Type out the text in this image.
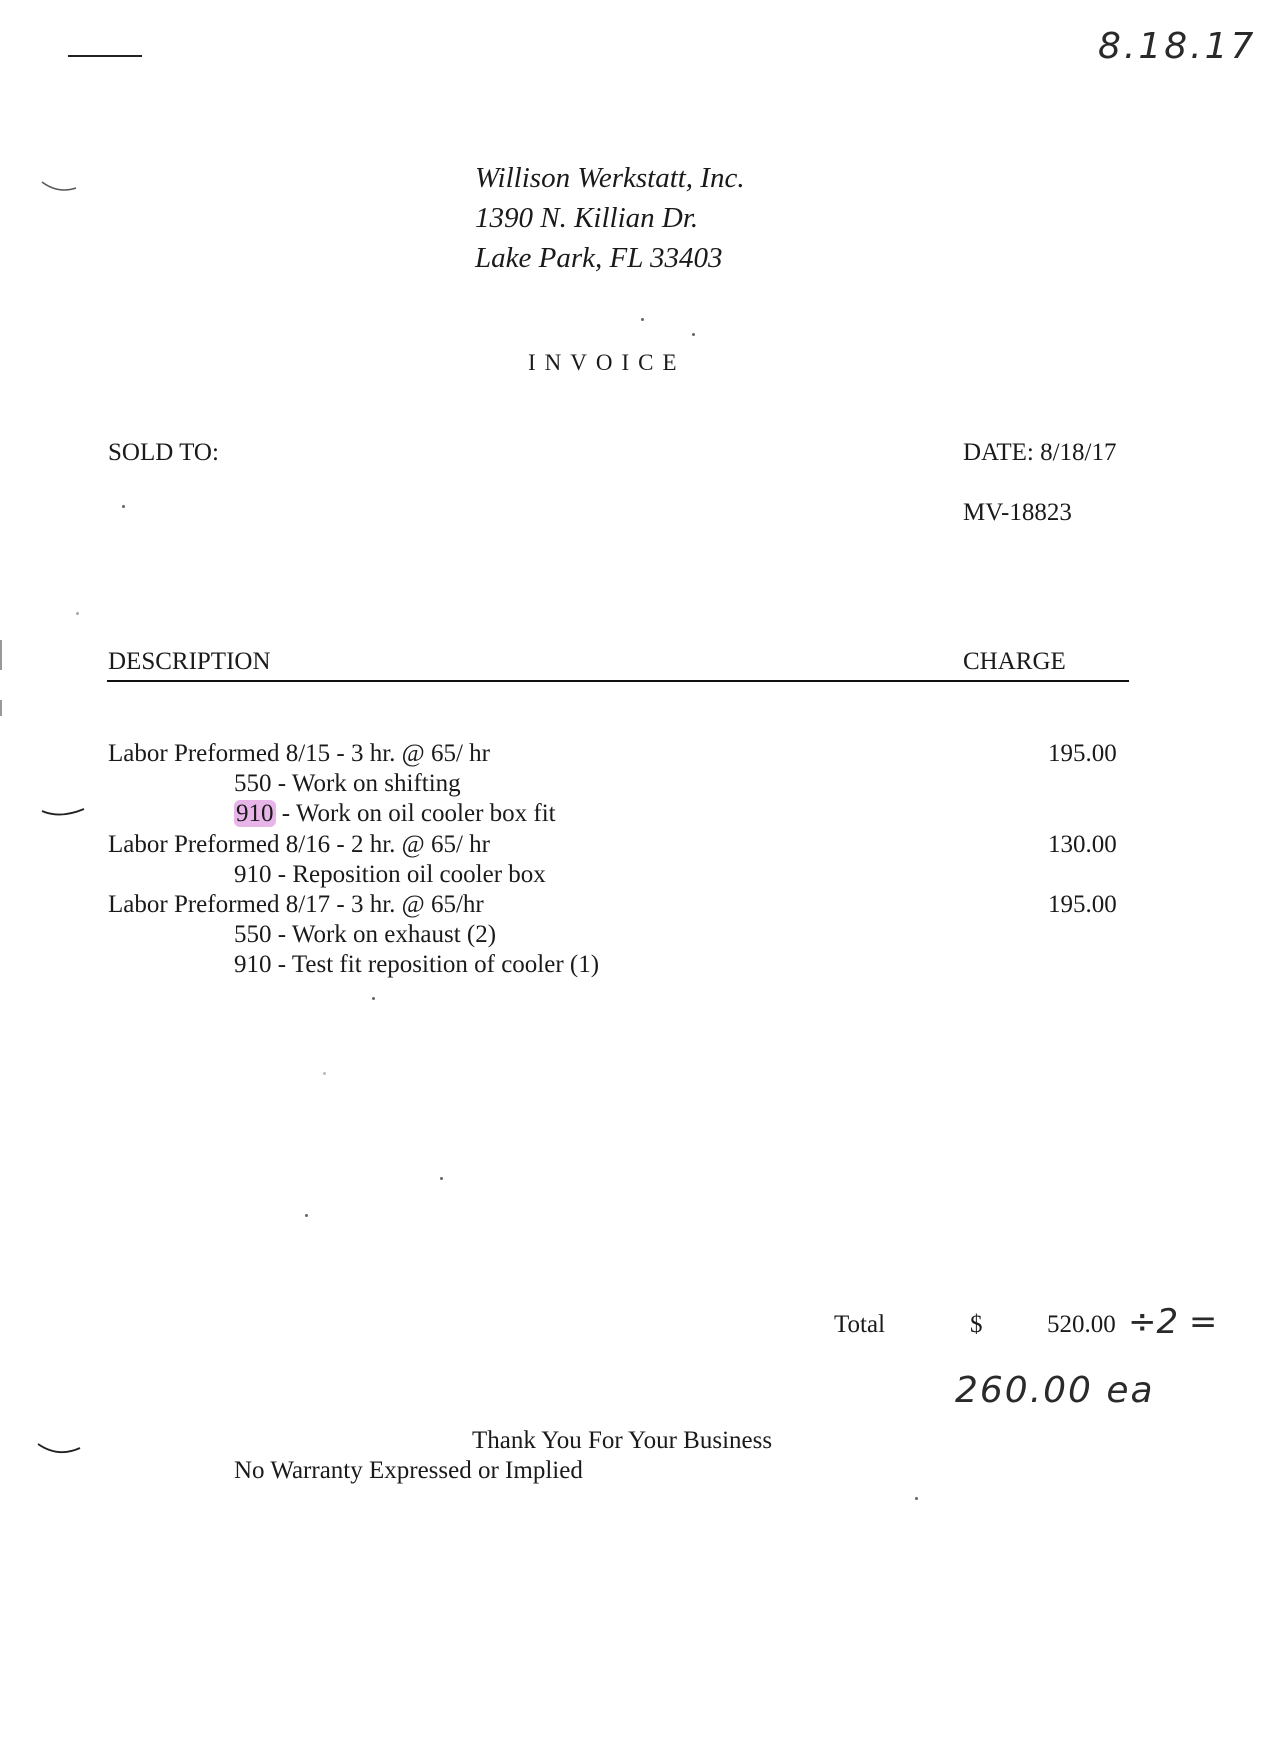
8.18.17
Willison Werkstatt, Inc.
1390 N. Killian Dr.
Lake Park, FL 33403
INVOICE
SOLD TO:	DATE: 8/18/17
MV-18823
DESCRIPTION	CHARGE
Labor Preformed 8/15 - 3 hr. @ 65/ hr	195.00
550 - Work on shifting
910 - Work on oil cooler box fit
Labor Preformed 8/16 - 2 hr. @ 65/ hr	130.00
910 - Reposition oil cooler box
Labor Preformed 8/17 - 3 hr. @ 65/hr	195.00
550 - Work on exhaust (2)
910 - Test fit reposition of cooler (1)
Total	$	520.00 ÷2 =
260.00 ea
Thank You For Your Business
No Warranty Expressed or Implied
